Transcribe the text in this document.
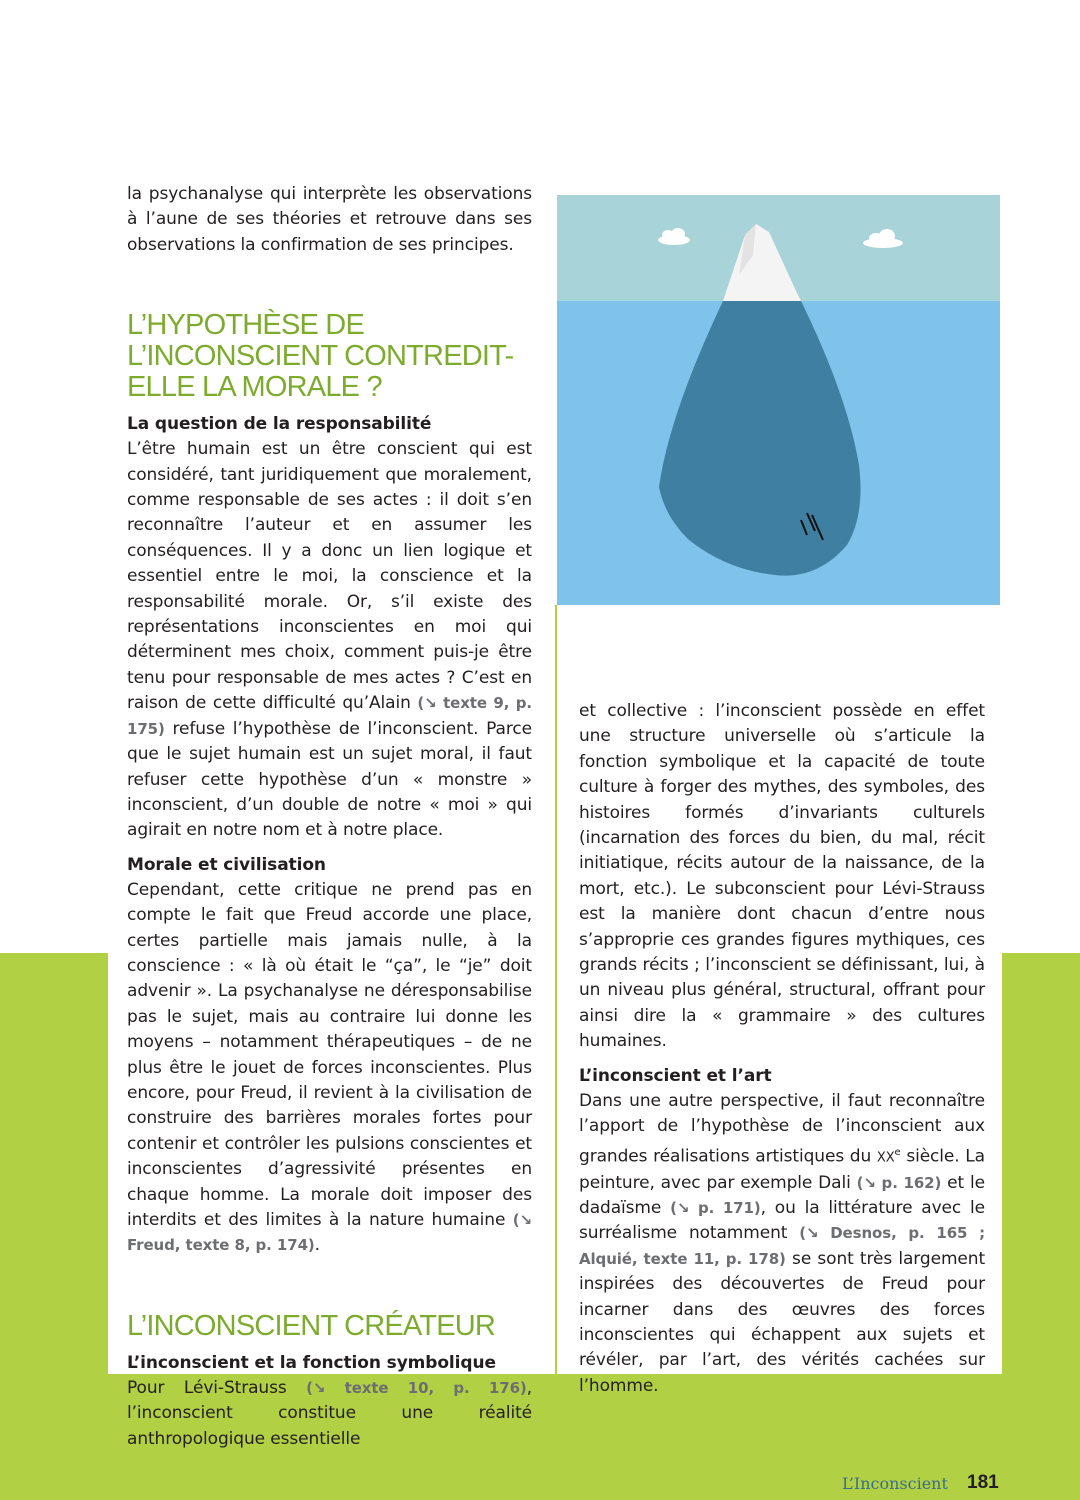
la psychanalyse qui interprète les observations à l’aune de ses théories et retrouve dans ses observations la confirmation de ses principes.

L’HYPOTHÈSE DE L’INCONSCIENT CONTREDIT-ELLE LA MORALE ?
La question de la responsabilité

L’être humain est un être conscient qui est considéré, tant juridiquement que moralement, comme responsable de ses actes : il doit s’en reconnaître l’auteur et en assumer les conséquences. Il y a donc un lien logique et essentiel entre le moi, la conscience et la responsabilité morale. Or, s’il existe des représentations inconscientes en moi qui déterminent mes choix, comment puis-je être tenu pour responsable de mes actes ? C’est en raison de cette difficulté qu’Alain (↘ texte 9, p. 175) refuse l’hypothèse de l’inconscient. Parce que le sujet humain est un sujet moral, il faut refuser cette hypothèse d’un « monstre » inconscient, d’un double de notre « moi » qui agirait en notre nom et à notre place.

Morale et civilisation

Cependant, cette critique ne prend pas en compte le fait que Freud accorde une place, certes partielle mais jamais nulle, à la conscience : « là où était le “ça”, le “je” doit advenir ». La psychanalyse ne déresponsabilise pas le sujet, mais au contraire lui donne les moyens – notamment thérapeutiques – de ne plus être le jouet de forces inconscientes. Plus encore, pour Freud, il revient à la civilisation de construire des barrières morales fortes pour contenir et contrôler les pulsions conscientes et inconscientes d’agressivité présentes en chaque homme. La morale doit imposer des interdits et des limites à la nature humaine (↘ Freud, texte 8, p. 174).

L’INCONSCIENT CRÉATEUR
L’inconscient et la fonction symbolique

Pour Lévi-Strauss (↘ texte 10, p. 176), l’inconscient constitue une réalité anthropologique essentielle

et collective : l’inconscient possède en effet une structure universelle où s’articule la fonction symbolique et la capacité de toute culture à forger des mythes, des symboles, des histoires formés d’invariants culturels (incarnation des forces du bien, du mal, récit initiatique, récits autour de la naissance, de la mort, etc.). Le subconscient pour Lévi-Strauss est la manière dont chacun d’entre nous s’approprie ces grandes figures mythiques, ces grands récits ; l’inconscient se définissant, lui, à un niveau plus général, structural, offrant pour ainsi dire la « grammaire » des cultures humaines.

L’inconscient et l’art

Dans une autre perspective, il faut reconnaître l’apport de l’hypothèse de l’inconscient aux grandes réalisations artistiques du XXe siècle. La peinture, avec par exemple Dali (↘ p. 162) et le dadaïsme (↘ p. 171), ou la littérature avec le surréalisme notamment (↘ Desnos, p. 165 ; Alquié, texte 11, p. 178) se sont très largement inspirées des découvertes de Freud pour incarner dans des œuvres des forces inconscientes qui échappent aux sujets et révéler, par l’art, des vérités cachées sur l’homme.

L’Inconscient 181
